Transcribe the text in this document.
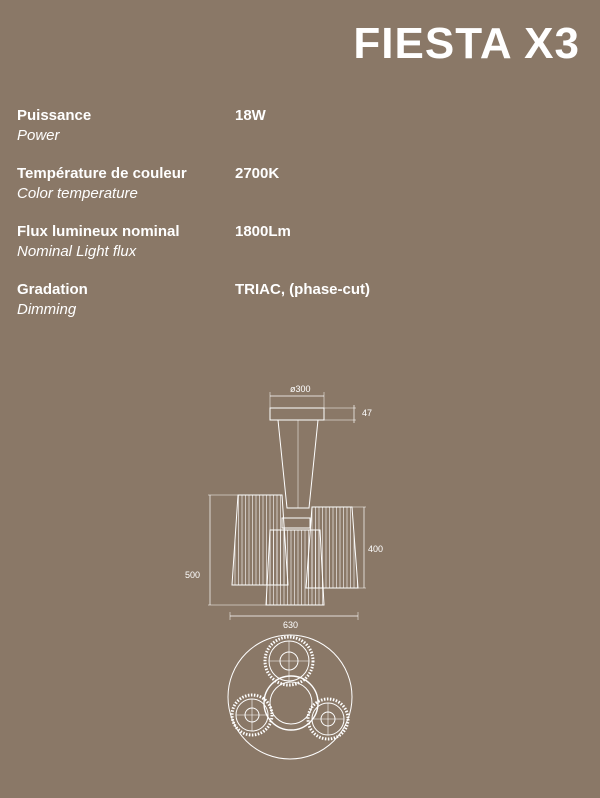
FIESTA X3
Puissance
Power
18W
Température de couleur
Color temperature
2700K
Flux lumineux nominal
Nominal Light flux
1800Lm
Gradation
Dimming
TRIAC, (phase-cut)
ø300
47
400
500
630
